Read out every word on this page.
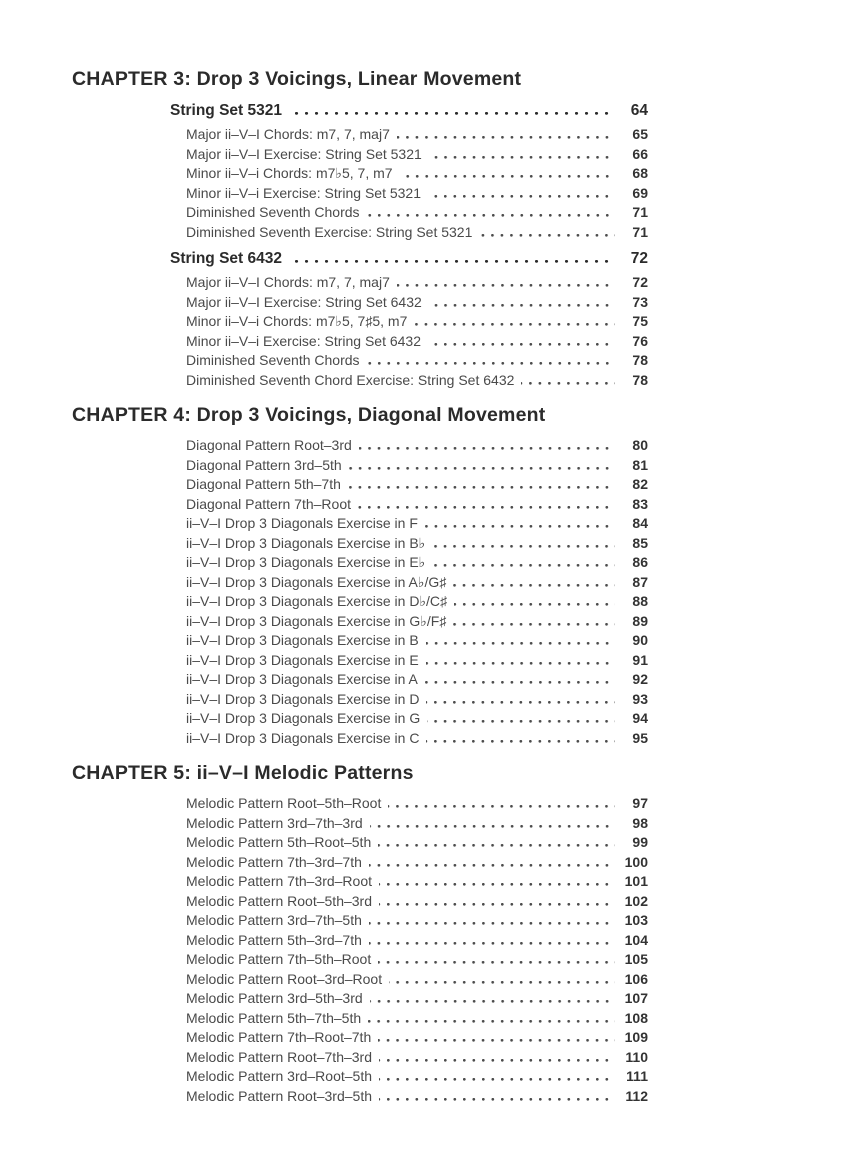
CHAPTER 3: Drop 3 Voicings, Linear Movement
String Set 5321	64
Major ii–V–I Chords: m7, 7, maj7	65
Major ii–V–I Exercise: String Set 5321	66
Minor ii–V–i Chords: m7♭5, 7, m7	68
Minor ii–V–i Exercise: String Set 5321	69
Diminished Seventh Chords	71
Diminished Seventh Exercise: String Set 5321	71
String Set 6432	72
Major ii–V–I Chords: m7, 7, maj7	72
Major ii–V–I Exercise: String Set 6432	73
Minor ii–V–i Chords: m7♭5, 7♯5, m7	75
Minor ii–V–i Exercise: String Set 6432	76
Diminished Seventh Chords	78
Diminished Seventh Chord Exercise: String Set 6432	78
CHAPTER 4: Drop 3 Voicings, Diagonal Movement
Diagonal Pattern Root–3rd	80
Diagonal Pattern 3rd–5th	81
Diagonal Pattern 5th–7th	82
Diagonal Pattern 7th–Root	83
ii–V–I Drop 3 Diagonals Exercise in F	84
ii–V–I Drop 3 Diagonals Exercise in B♭	85
ii–V–I Drop 3 Diagonals Exercise in E♭	86
ii–V–I Drop 3 Diagonals Exercise in A♭/G♯	87
ii–V–I Drop 3 Diagonals Exercise in D♭/C♯	88
ii–V–I Drop 3 Diagonals Exercise in G♭/F♯	89
ii–V–I Drop 3 Diagonals Exercise in B	90
ii–V–I Drop 3 Diagonals Exercise in E	91
ii–V–I Drop 3 Diagonals Exercise in A	92
ii–V–I Drop 3 Diagonals Exercise in D	93
ii–V–I Drop 3 Diagonals Exercise in G	94
ii–V–I Drop 3 Diagonals Exercise in C	95
CHAPTER 5: ii–V–I Melodic Patterns
Melodic Pattern Root–5th–Root	97
Melodic Pattern 3rd–7th–3rd	98
Melodic Pattern 5th–Root–5th	99
Melodic Pattern 7th–3rd–7th	100
Melodic Pattern 7th–3rd–Root	101
Melodic Pattern Root–5th–3rd	102
Melodic Pattern 3rd–7th–5th	103
Melodic Pattern 5th–3rd–7th	104
Melodic Pattern 7th–5th–Root	105
Melodic Pattern Root–3rd–Root	106
Melodic Pattern 3rd–5th–3rd	107
Melodic Pattern 5th–7th–5th	108
Melodic Pattern 7th–Root–7th	109
Melodic Pattern Root–7th–3rd	110
Melodic Pattern 3rd–Root–5th	111
Melodic Pattern Root–3rd–5th	112
